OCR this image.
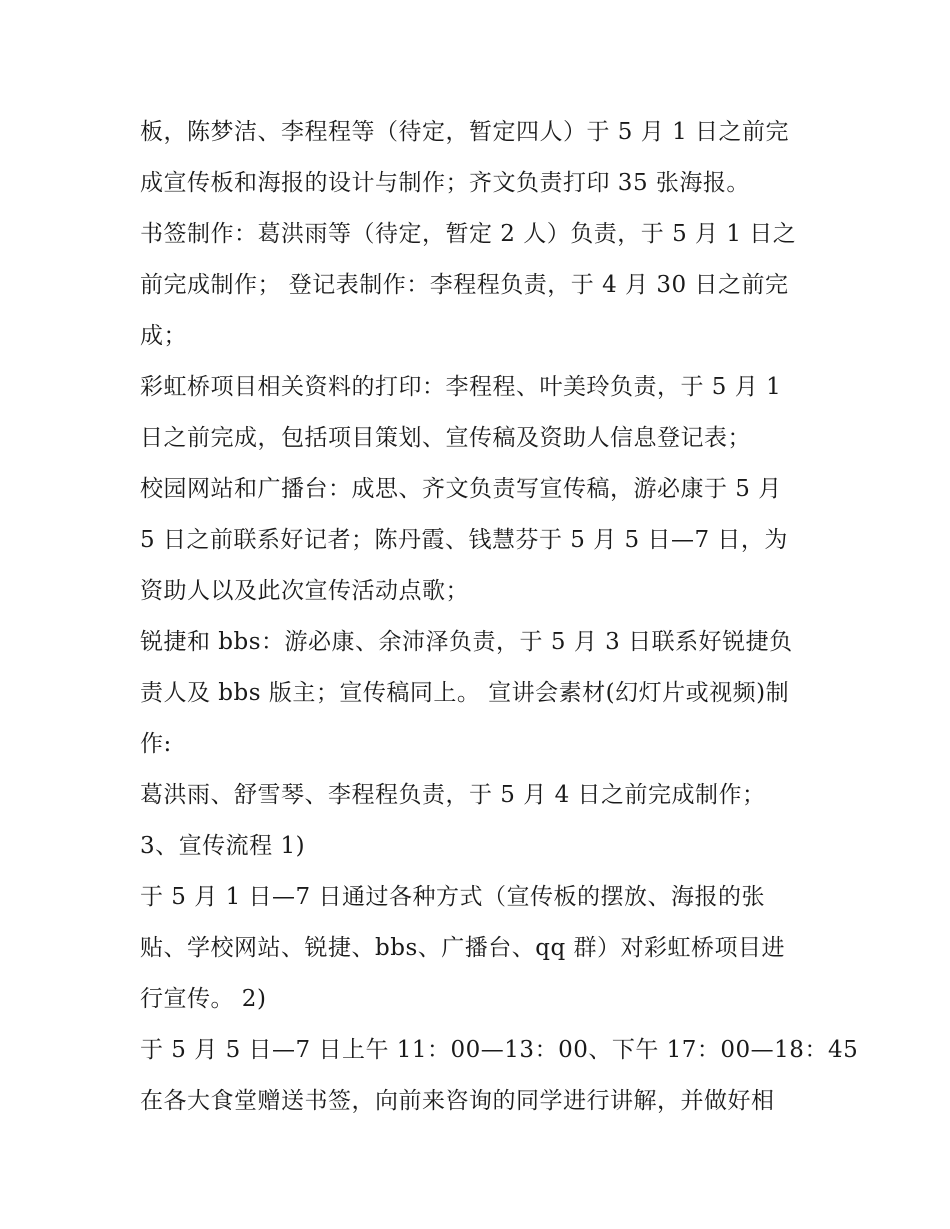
板，陈梦洁、李程程等（待定，暂定四人）于 5 月 1 日之前完
成宣传板和海报的设计与制作；齐文负责打印 35 张海报。
书签制作：葛洪雨等（待定，暂定 2 人）负责，于 5 月 1 日之
前完成制作； 登记表制作：李程程负责，于 4 月 30 日之前完
成；
彩虹桥项目相关资料的打印：李程程、叶美玲负责，于 5 月 1
日之前完成，包括项目策划、宣传稿及资助人信息登记表；
校园网站和广播台：成思、齐文负责写宣传稿，游必康于 5 月
5 日之前联系好记者；陈丹霞、钱慧芬于 5 月 5 日—7 日，为
资助人以及此次宣传活动点歌；
锐捷和 bbs：游必康、余沛泽负责，于 5 月 3 日联系好锐捷负
责人及 bbs 版主；宣传稿同上。 宣讲会素材(幻灯片或视频)制
作:
葛洪雨、舒雪琴、李程程负责，于 5 月 4 日之前完成制作；
3、宣传流程 1)
于 5 月 1 日—7 日通过各种方式（宣传板的摆放、海报的张
贴、学校网站、锐捷、bbs、广播台、qq 群）对彩虹桥项目进
行宣传。 2)
于 5 月 5 日—7 日上午 11：00—13：00、下午 17：00—18：45
在各大食堂赠送书签，向前来咨询的同学进行讲解，并做好相
